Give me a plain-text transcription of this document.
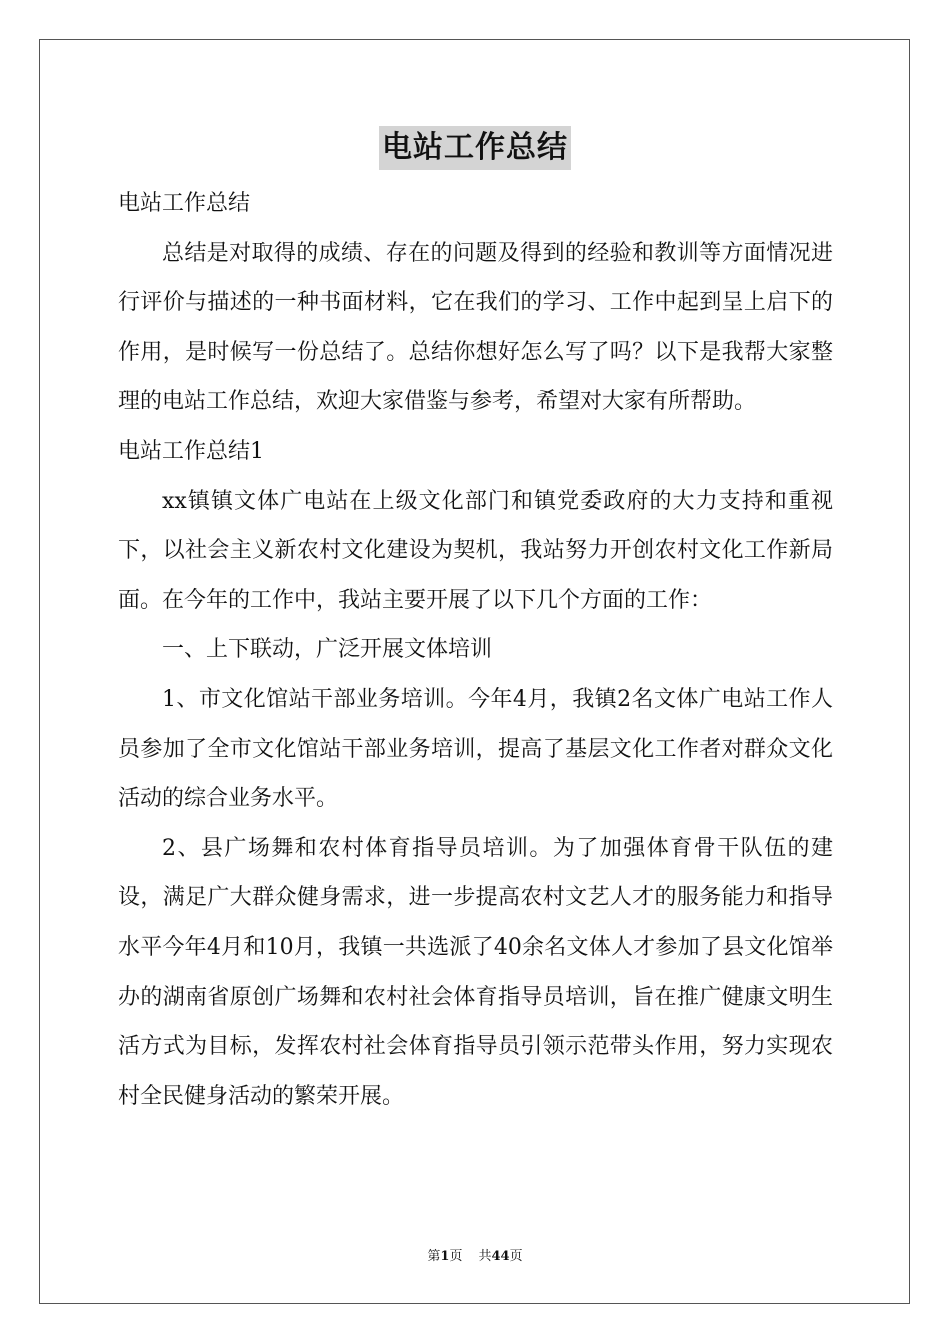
电站工作总结

电站工作总结

总结是对取得的成绩、存在的问题及得到的经验和教训等方面情况进行评价与描述的一种书面材料，它在我们的学习、工作中起到呈上启下的作用，是时候写一份总结了。总结你想好怎么写了吗？以下是我帮大家整理的电站工作总结，欢迎大家借鉴与参考，希望对大家有所帮助。

电站工作总结1

xx镇镇文体广电站在上级文化部门和镇党委政府的大力支持和重视下，以社会主义新农村文化建设为契机，我站努力开创农村文化工作新局面。在今年的工作中，我站主要开展了以下几个方面的工作：

一、上下联动，广泛开展文体培训

1、市文化馆站干部业务培训。今年4月，我镇2名文体广电站工作人员参加了全市文化馆站干部业务培训，提高了基层文化工作者对群众文化活动的综合业务水平。

2、县广场舞和农村体育指导员培训。为了加强体育骨干队伍的建设，满足广大群众健身需求，进一步提高农村文艺人才的服务能力和指导水平今年4月和10月，我镇一共选派了40余名文体人才参加了县文化馆举办的湖南省原创广场舞和农村社会体育指导员培训，旨在推广健康文明生活方式为目标，发挥农村社会体育指导员引领示范带头作用，努力实现农村全民健身活动的繁荣开展。

第1页 共44页
